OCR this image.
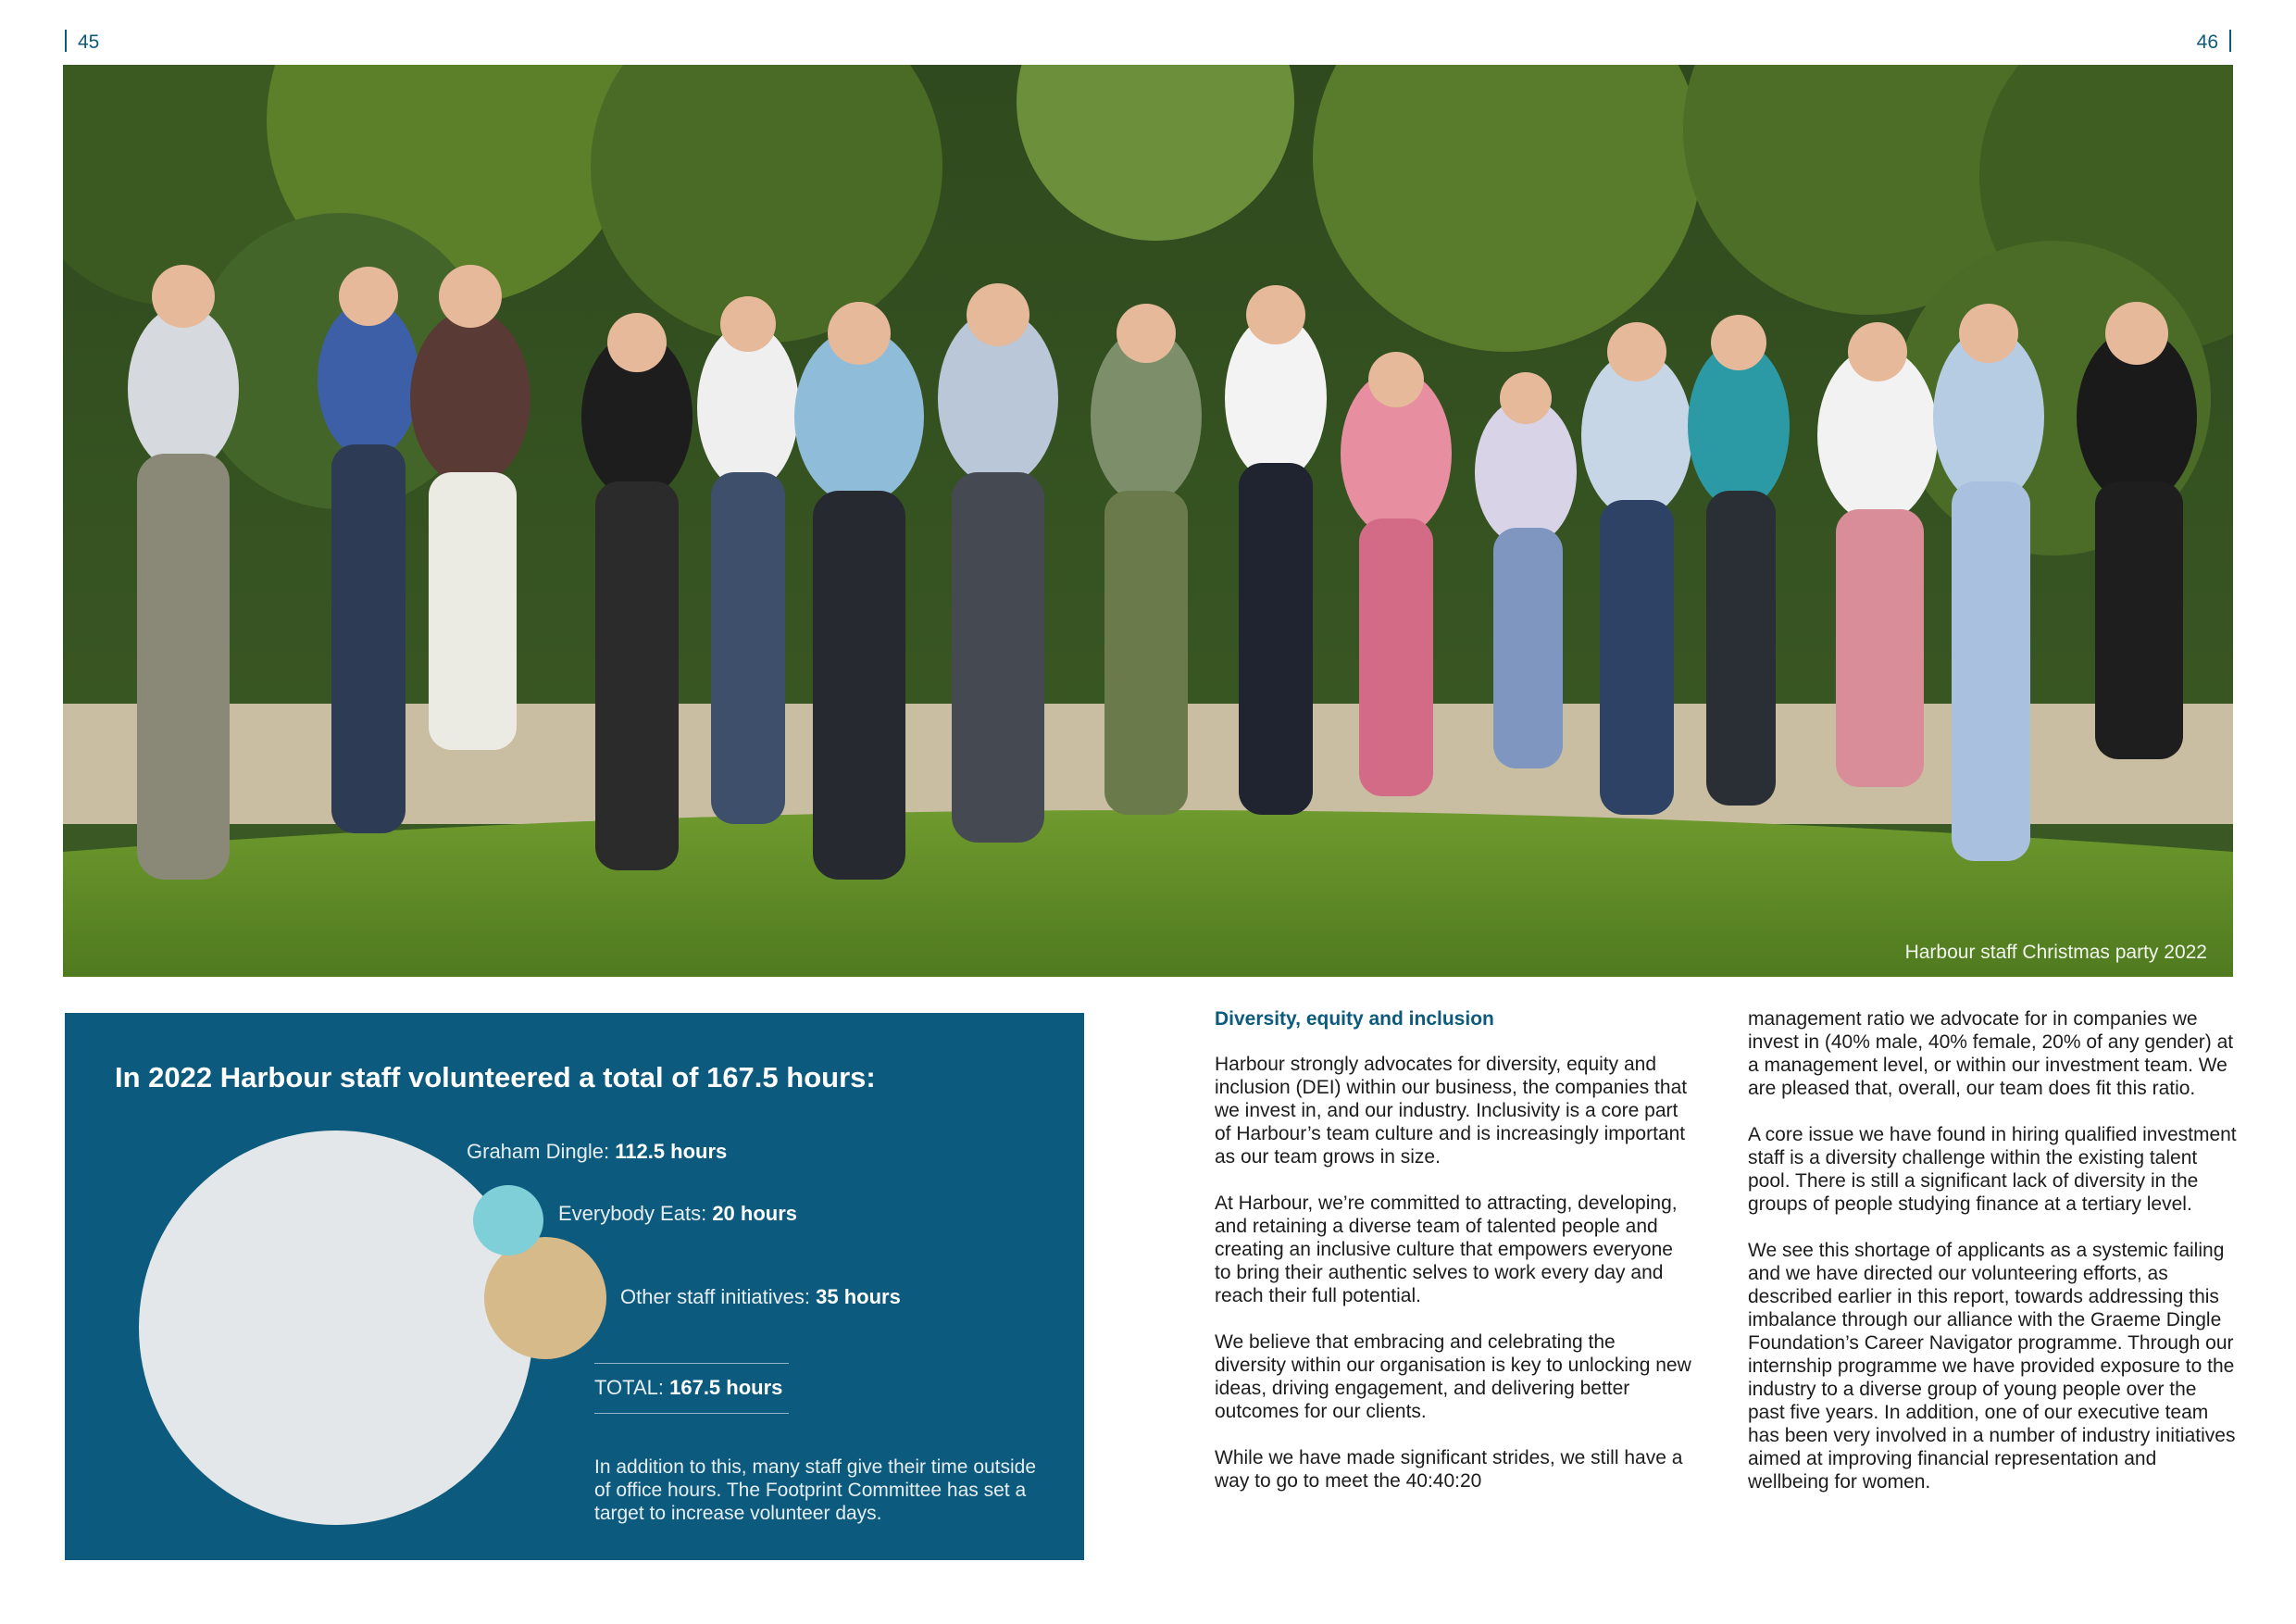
45	46
Harbour staff Christmas party 2022
In 2022 Harbour staff volunteered a total of 167.5 hours:
Graham Dingle: 112.5 hours
Everybody Eats: 20 hours
Other staff initiatives: 35 hours
TOTAL: 167.5 hours
In addition to this, many staff give their time outside of office hours. The Footprint Committee has set a target to increase volunteer days.
Diversity, equity and inclusion

Harbour strongly advocates for diversity, equity and inclusion (DEI) within our business, the companies that we invest in, and our industry. Inclusivity is a core part of Harbour’s team culture and is increasingly important as our team grows in size.

At Harbour, we’re committed to attracting, developing, and retaining a diverse team of talented people and creating an inclusive culture that empowers everyone to bring their authentic selves to work every day and reach their full potential.

We believe that embracing and celebrating the diversity within our organisation is key to unlocking new ideas, driving engagement, and delivering better outcomes for our clients.

While we have made significant strides, we still have a way to go to meet the 40:40:20

management ratio we advocate for in companies we invest in (40% male, 40% female, 20% of any gender) at a management level, or within our investment team. We are pleased that, overall, our team does fit this ratio.

A core issue we have found in hiring qualified investment staff is a diversity challenge within the existing talent pool. There is still a significant lack of diversity in the groups of people studying finance at a tertiary level.

We see this shortage of applicants as a systemic failing and we have directed our volunteering efforts, as described earlier in this report, towards addressing this imbalance through our alliance with the Graeme Dingle Foundation’s Career Navigator programme. Through our internship programme we have provided exposure to the industry to a diverse group of young people over the past five years. In addition, one of our executive team has been very involved in a number of industry initiatives aimed at improving financial representation and wellbeing for women.
